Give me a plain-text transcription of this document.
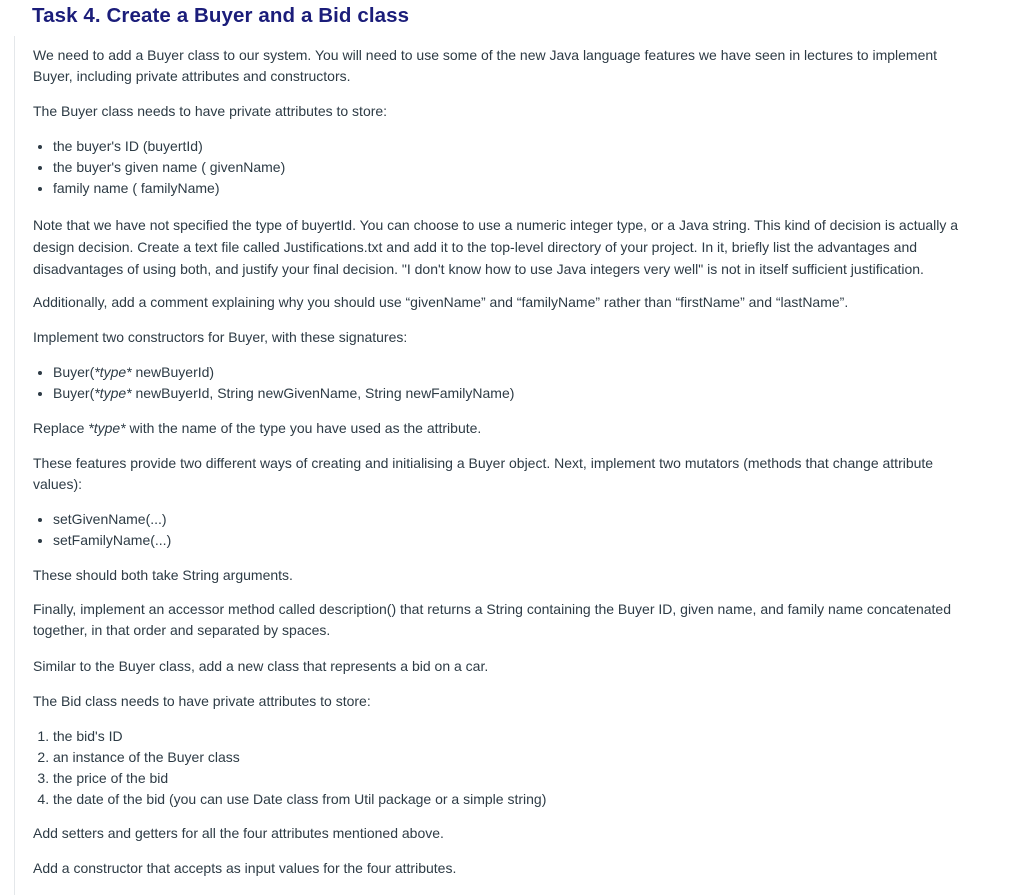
Task 4. Create a Buyer and a Bid class

We need to add a Buyer class to our system. You will need to use some of the new Java language features we have seen in lectures to implement Buyer, including private attributes and constructors.

The Buyer class needs to have private attributes to store:

• the buyer's ID (buyertId)
• the buyer's given name ( givenName)
• family name ( familyName)

Note that we have not specified the type of buyertId. You can choose to use a numeric integer type, or a Java string. This kind of decision is actually a design decision. Create a text file called Justifications.txt and add it to the top-level directory of your project. In it, briefly list the advantages and disadvantages of using both, and justify your final decision. "I don't know how to use Java integers very well" is not in itself sufficient justification.

Additionally, add a comment explaining why you should use “givenName” and “familyName” rather than “firstName” and “lastName”.

Implement two constructors for Buyer, with these signatures:

• Buyer(*type* newBuyerId)
• Buyer(*type* newBuyerId, String newGivenName, String newFamilyName)

Replace *type* with the name of the type you have used as the attribute.

These features provide two different ways of creating and initialising a Buyer object. Next, implement two mutators (methods that change attribute values):

• setGivenName(...)
• setFamilyName(...)

These should both take String arguments.

Finally, implement an accessor method called description() that returns a String containing the Buyer ID, given name, and family name concatenated together, in that order and separated by spaces.

Similar to the Buyer class, add a new class that represents a bid on a car.

The Bid class needs to have private attributes to store:

1. the bid's ID
2. an instance of the Buyer class
3. the price of the bid
4. the date of the bid (you can use Date class from Util package or a simple string)

Add setters and getters for all the four attributes mentioned above.

Add a constructor that accepts as input values for the four attributes.
